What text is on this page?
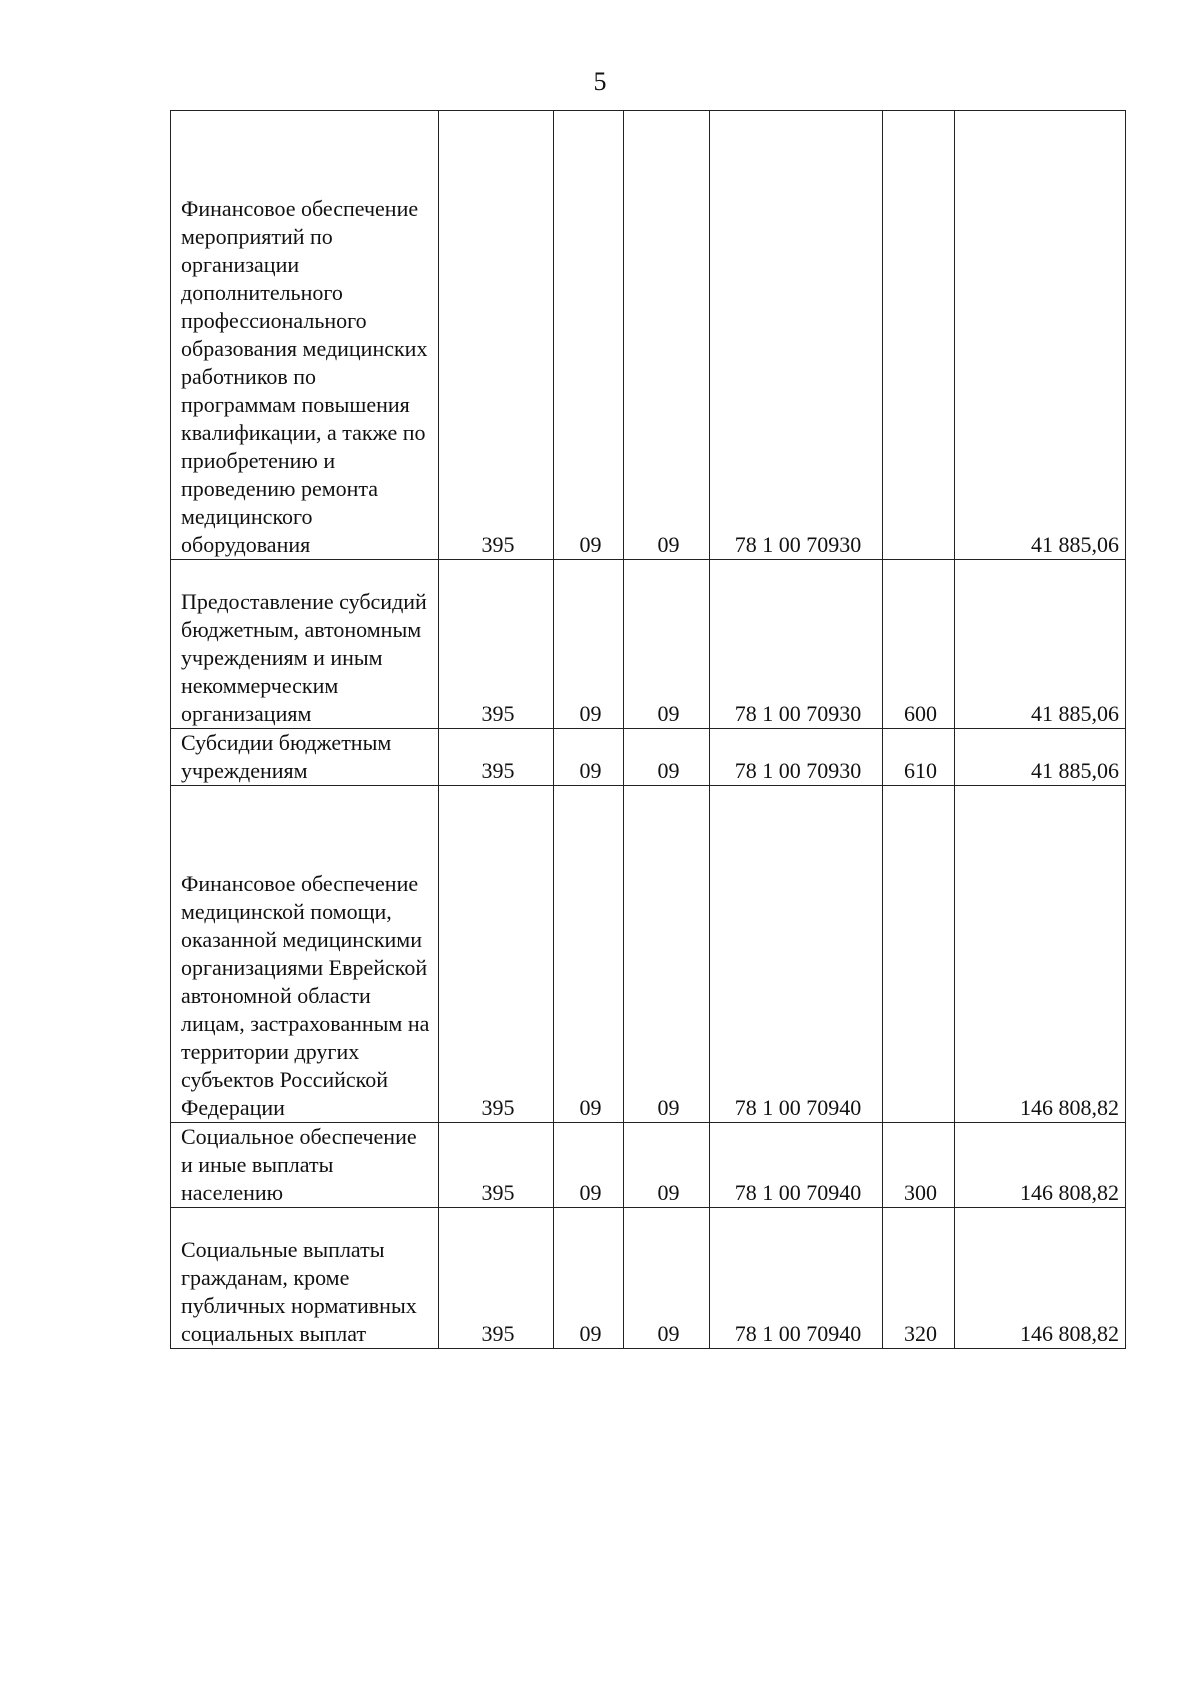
5
Финансовое обеспечение мероприятий по организации дополнительного профессионального образования медицинских работников по программам повышения квалификации, а также по приобретению и проведению ремонта медицинского оборудования	395	09	09	78 1 00 70930		41 885,06
Предоставление субсидий бюджетным, автономным учреждениям и иным некоммерческим организациям	395	09	09	78 1 00 70930	600	41 885,06
Субсидии бюджетным учреждениям	395	09	09	78 1 00 70930	610	41 885,06
Финансовое обеспечение медицинской помощи, оказанной медицинскими организациями Еврейской автономной области лицам, застрахованным на территории других субъектов Российской Федерации	395	09	09	78 1 00 70940		146 808,82
Социальное обеспечение и иные выплаты населению	395	09	09	78 1 00 70940	300	146 808,82
Социальные выплаты гражданам, кроме публичных нормативных социальных выплат	395	09	09	78 1 00 70940	320	146 808,82
